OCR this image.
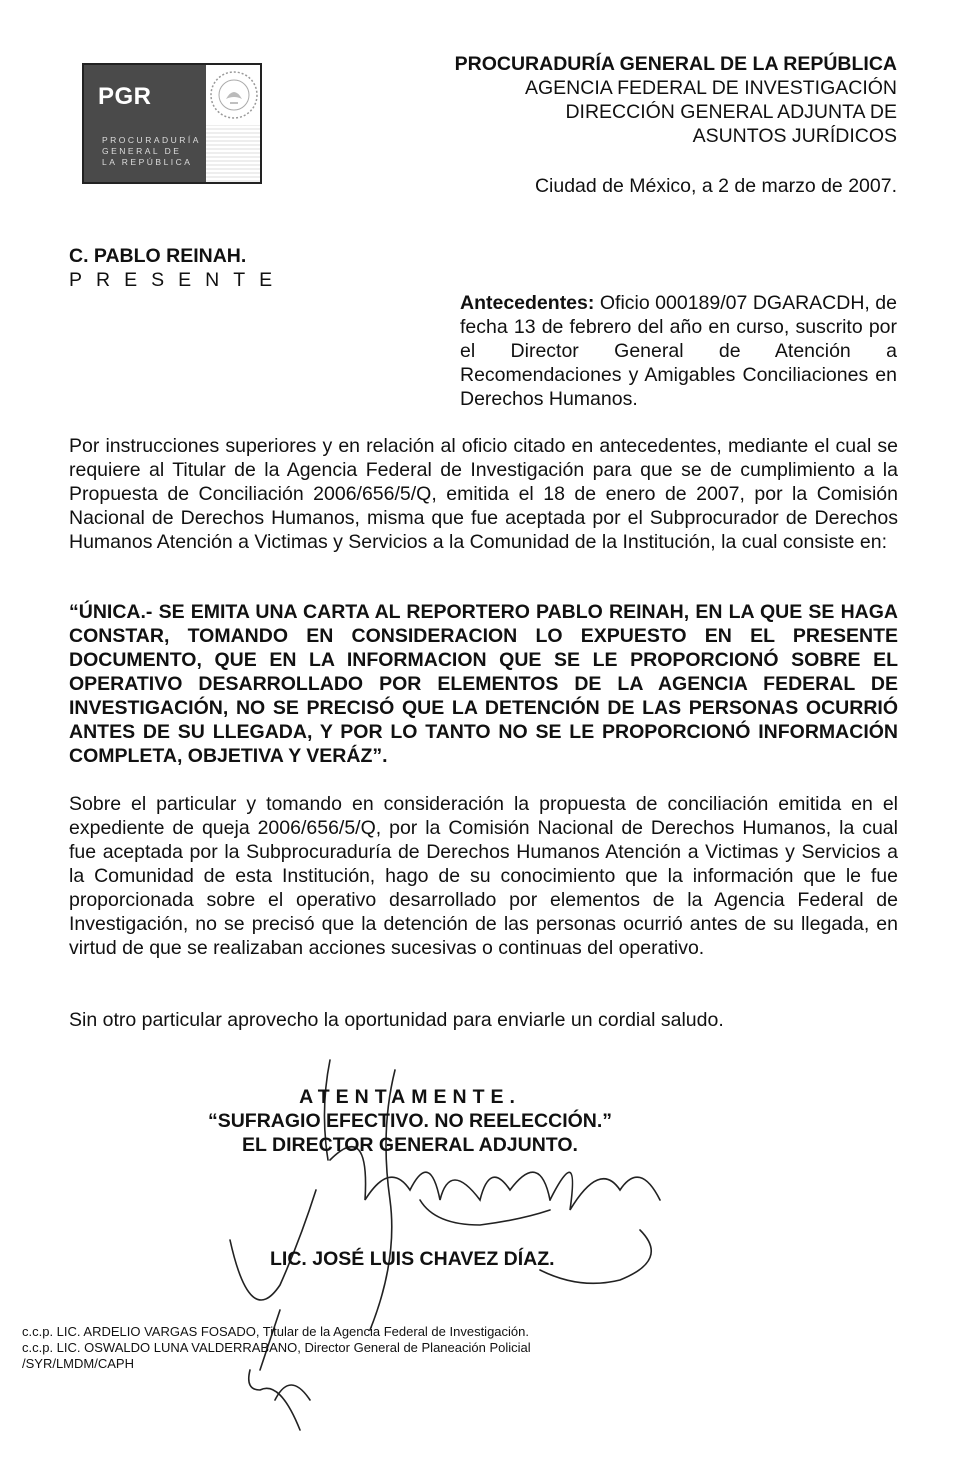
PGR
PROCURADURÍA
GENERAL DE
LA REPÚBLICA
PROCURADURÍA GENERAL DE LA REPÚBLICA
AGENCIA FEDERAL DE INVESTIGACIÓN
DIRECCIÓN GENERAL ADJUNTA DE
ASUNTOS JURÍDICOS
Ciudad de México, a 2 de marzo de 2007.
C. PABLO REINAH.
PRESENTE
Antecedentes: Oficio 000189/07 DGARACDH, de fecha 13 de febrero del año en curso, suscrito por el Director General de Atención a Recomendaciones y Amigables Conciliaciones en Derechos Humanos.
Por instrucciones superiores y en relación al oficio citado en antecedentes, mediante el cual se requiere al Titular de la Agencia Federal de Investigación para que se de cumplimiento a la Propuesta de Conciliación 2006/656/5/Q, emitida el 18 de enero de 2007, por la Comisión Nacional de Derechos Humanos, misma que fue aceptada por el Subprocurador de Derechos Humanos Atención a Victimas y Servicios a la Comunidad de la Institución, la cual consiste en:
“ÚNICA.- SE EMITA UNA CARTA AL REPORTERO PABLO REINAH, EN LA QUE SE HAGA CONSTAR, TOMANDO EN CONSIDERACION LO EXPUESTO EN EL PRESENTE DOCUMENTO, QUE EN LA INFORMACION QUE SE LE PROPORCIONÓ SOBRE EL OPERATIVO DESARROLLADO POR ELEMENTOS DE LA AGENCIA FEDERAL DE INVESTIGACIÓN, NO SE PRECISÓ QUE LA DETENCIÓN DE LAS PERSONAS OCURRIÓ ANTES DE SU LLEGADA, Y POR LO TANTO NO SE LE PROPORCIONÓ INFORMACIÓN COMPLETA, OBJETIVA Y VERÁZ”.
Sobre el particular y tomando en consideración la propuesta de conciliación emitida en el expediente de queja 2006/656/5/Q, por la Comisión Nacional de Derechos Humanos, la cual fue aceptada por la Subprocuraduría de Derechos Humanos Atención a Victimas y Servicios a la Comunidad de esta Institución, hago de su conocimiento que la información que le fue proporcionada sobre el operativo desarrollado por elementos de la Agencia Federal de Investigación, no se precisó que la detención de las personas ocurrió antes de su llegada, en virtud de que se realizaban acciones sucesivas o continuas del operativo.
Sin otro particular aprovecho la oportunidad para enviarle un cordial saludo.
ATENTAMENTE.
“SUFRAGIO EFECTIVO. NO REELECCIÓN.”
EL DIRECTOR GENERAL ADJUNTO.
LIC. JOSÉ LUIS CHAVEZ DÍAZ.
c.c.p. LIC. ARDELIO VARGAS FOSADO, Titular de la Agencia Federal de Investigación.
c.c.p. LIC. OSWALDO LUNA VALDERRABANO, Director General de Planeación Policial
/SYR/LMDM/CAPH
